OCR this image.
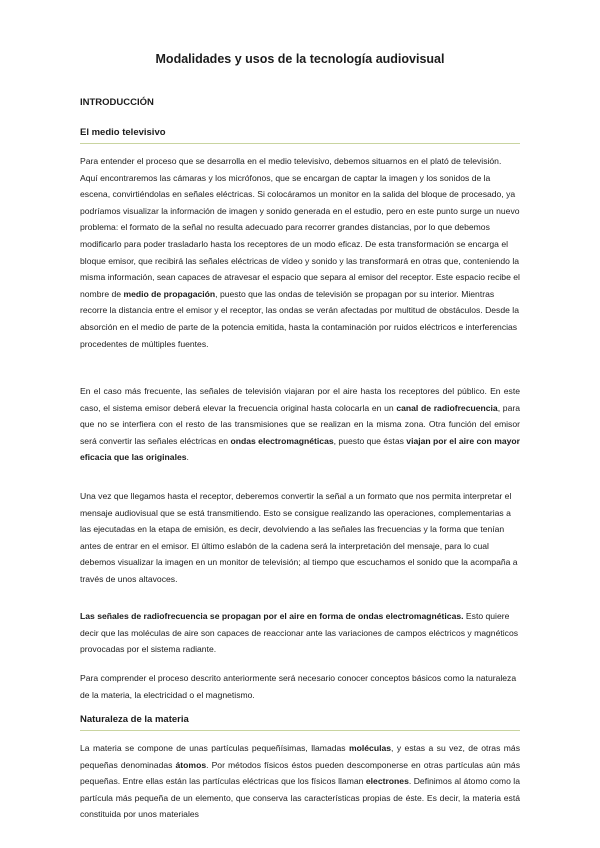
Modalidades y usos de la tecnología audiovisual
INTRODUCCIÓN
El medio televisivo

Para entender el proceso que se desarrolla en el medio televisivo, debemos situarnos en el plató de televisión. Aquí encontraremos las cámaras y los micrófonos, que se encargan de captar la imagen y los sonidos de la escena, convirtiéndolas en señales eléctricas. Si colocáramos un monitor en la salida del bloque de procesado, ya podríamos visualizar la información de imagen y sonido generada en el estudio, pero en este punto surge un nuevo problema: el formato de la señal no resulta adecuado para recorrer grandes distancias, por lo que debemos modificarlo para poder trasladarlo hasta los receptores de un modo eficaz. De esta transformación se encarga el bloque emisor, que recibirá las señales eléctricas de vídeo y sonido y las transformará en otras que, conteniendo la misma información, sean capaces de atravesar el espacio que separa al emisor del receptor. Este espacio recibe el nombre de medio de propagación, puesto que las ondas de televisión se propagan por su interior. Mientras recorre la distancia entre el emisor y el receptor, las ondas se verán afectadas por multitud de obstáculos. Desde la absorción en el medio de parte de la potencia emitida, hasta la contaminación por ruidos eléctricos e interferencias procedentes de múltiples fuentes.

En el caso más frecuente, las señales de televisión viajaran por el aire hasta los receptores del público. En este caso, el sistema emisor deberá elevar la frecuencia original hasta colocarla en un canal de radiofrecuencia, para que no se interfiera con el resto de las transmisiones que se realizan en la misma zona. Otra función del emisor será convertir las señales eléctricas en ondas electromagnéticas, puesto que éstas viajan por el aire con mayor eficacia que las originales.

Una vez que llegamos hasta el receptor, deberemos convertir la señal a un formato que nos permita interpretar el mensaje audiovisual que se está transmitiendo. Esto se consigue realizando las operaciones, complementarias a las ejecutadas en la etapa de emisión, es decir, devolviendo a las señales las frecuencias y la forma que tenían antes de entrar en el emisor. El último eslabón de la cadena será la interpretación del mensaje, para lo cual debemos visualizar la imagen en un monitor de televisión; al tiempo que escuchamos el sonido que la acompaña a través de unos altavoces.

Las señales de radiofrecuencia se propagan por el aire en forma de ondas electromagnéticas. Esto quiere decir que las moléculas de aire son capaces de reaccionar ante las variaciones de campos eléctricos y magnéticos provocadas por el sistema radiante.

Para comprender el proceso descrito anteriormente será necesario conocer conceptos básicos como la naturaleza de la materia, la electricidad o el magnetismo.

Naturaleza de la materia

La materia se compone de unas partículas pequeñísimas, llamadas moléculas, y estas a su vez, de otras más pequeñas denominadas átomos. Por métodos físicos éstos pueden descomponerse en otras partículas aún más pequeñas. Entre ellas están las partículas eléctricas que los físicos llaman electrones. Definimos al átomo como la partícula más pequeña de un elemento, que conserva las características propias de éste. Es decir, la materia está constituida por unos materiales
